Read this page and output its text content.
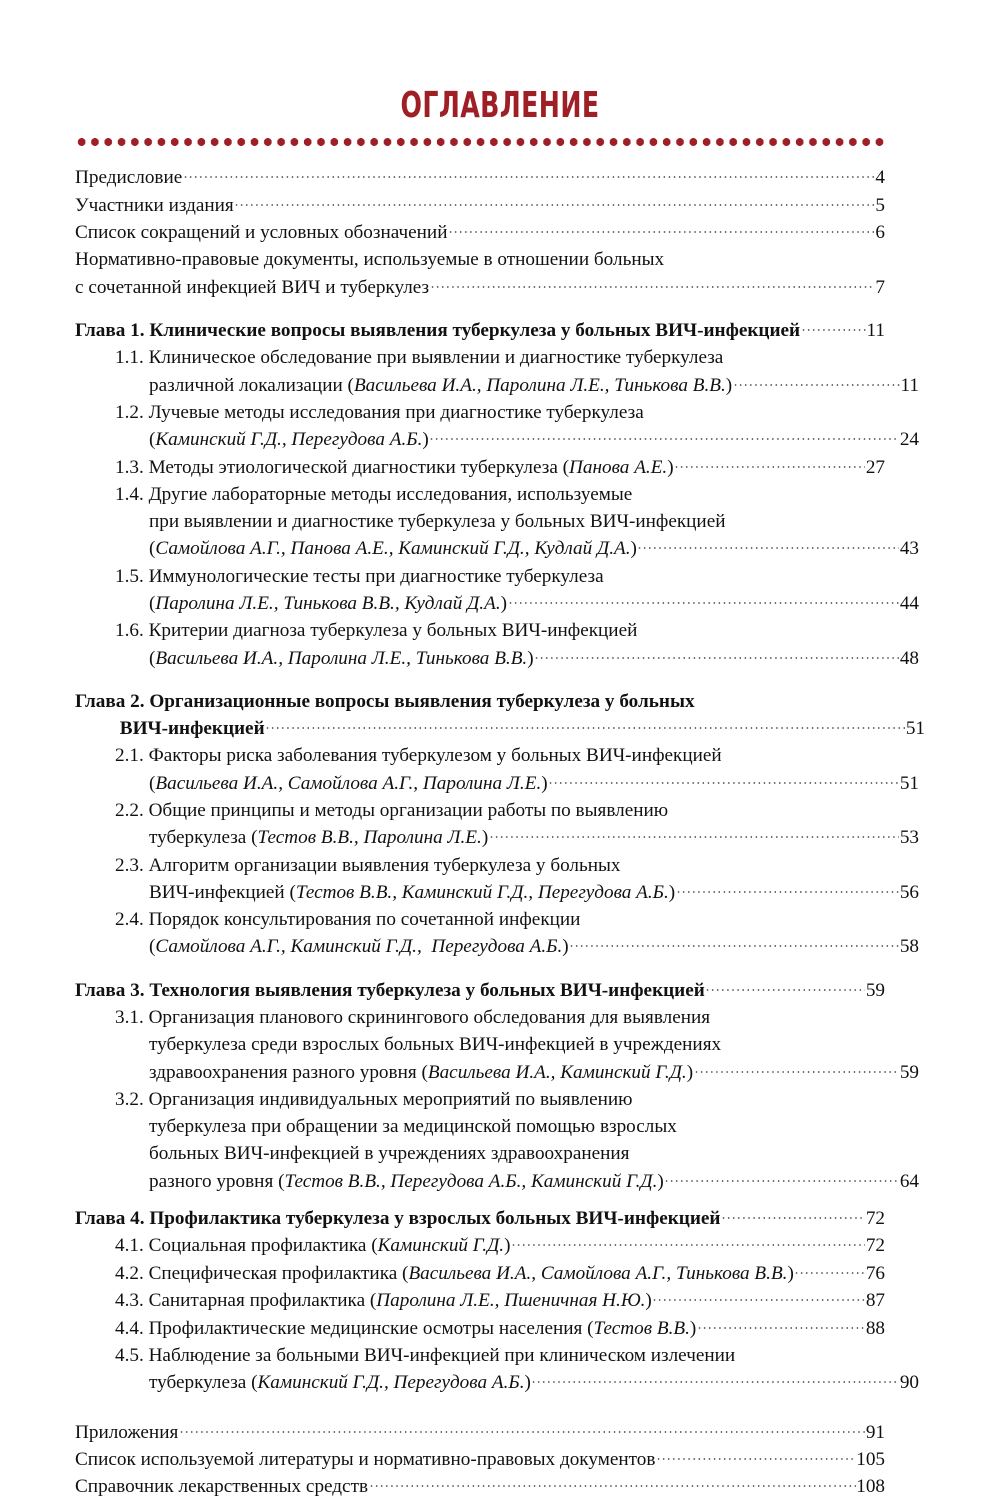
ОГЛАВЛЕНИЕ
Предисловие	4
Участники издания	5
Список сокращений и условных обозначений	6
Нормативно-правовые документы, используемые в отношении больных
с сочетанной инфекцией ВИЧ и туберкулез	7
Глава 1. Клинические вопросы выявления туберкулеза у больных ВИЧ-инфекцией	11
1.1. Клиническое обследование при выявлении и диагностике туберкулеза
различной локализации (Васильева И.А., Паролина Л.Е., Тинькова В.В.)	11
1.2. Лучевые методы исследования при диагностике туберкулеза
(Каминский Г.Д., Перегудова А.Б.)	24
1.3. Методы этиологической диагностики туберкулеза (Панова А.Е.)	27
1.4. Другие лабораторные методы исследования, используемые
при выявлении и диагностике туберкулеза у больных ВИЧ-инфекцией
(Самойлова А.Г., Панова А.Е., Каминский Г.Д., Кудлай Д.А.)	43
1.5. Иммунологические тесты при диагностике туберкулеза
(Паролина Л.Е., Тинькова В.В., Кудлай Д.А.)	44
1.6. Критерии диагноза туберкулеза у больных ВИЧ-инфекцией
(Васильева И.А., Паролина Л.Е., Тинькова В.В.)	48
Глава 2. Организационные вопросы выявления туберкулеза у больных
ВИЧ-инфекцией	51
2.1. Факторы риска заболевания туберкулезом у больных ВИЧ-инфекцией
(Васильева И.А., Самойлова А.Г., Паролина Л.Е.)	51
2.2. Общие принципы и методы организации работы по выявлению
туберкулеза (Тестов В.В., Паролина Л.Е.)	53
2.3. Алгоритм организации выявления туберкулеза у больных
ВИЧ-инфекцией (Тестов В.В., Каминский Г.Д., Перегудова А.Б.)	56
2.4. Порядок консультирования по сочетанной инфекции
(Самойлова А.Г., Каминский Г.Д.,  Перегудова А.Б.)	58
Глава 3. Технология выявления туберкулеза у больных ВИЧ-инфекцией	59
3.1. Организация планового скринингового обследования для выявления
туберкулеза среди взрослых больных ВИЧ-инфекцией в учреждениях
здравоохранения разного уровня (Васильева И.А., Каминский Г.Д.)	59
3.2. Организация индивидуальных мероприятий по выявлению
туберкулеза при обращении за медицинской помощью взрослых
больных ВИЧ-инфекцией в учреждениях здравоохранения
разного уровня (Тестов В.В., Перегудова А.Б., Каминский Г.Д.)	64
Глава 4. Профилактика туберкулеза у взрослых больных ВИЧ-инфекцией	72
4.1. Социальная профилактика (Каминский Г.Д.)	72
4.2. Специфическая профилактика (Васильева И.А., Самойлова А.Г., Тинькова В.В.)	76
4.3. Санитарная профилактика (Паролина Л.Е., Пшеничная Н.Ю.)	87
4.4. Профилактические медицинские осмотры населения (Тестов В.В.)	88
4.5. Наблюдение за больными ВИЧ-инфекцией при клиническом излечении
туберкулеза (Каминский Г.Д., Перегудова А.Б.)	90
Приложения	91
Список используемой литературы и нормативно-правовых документов	105
Справочник лекарственных средств	108
